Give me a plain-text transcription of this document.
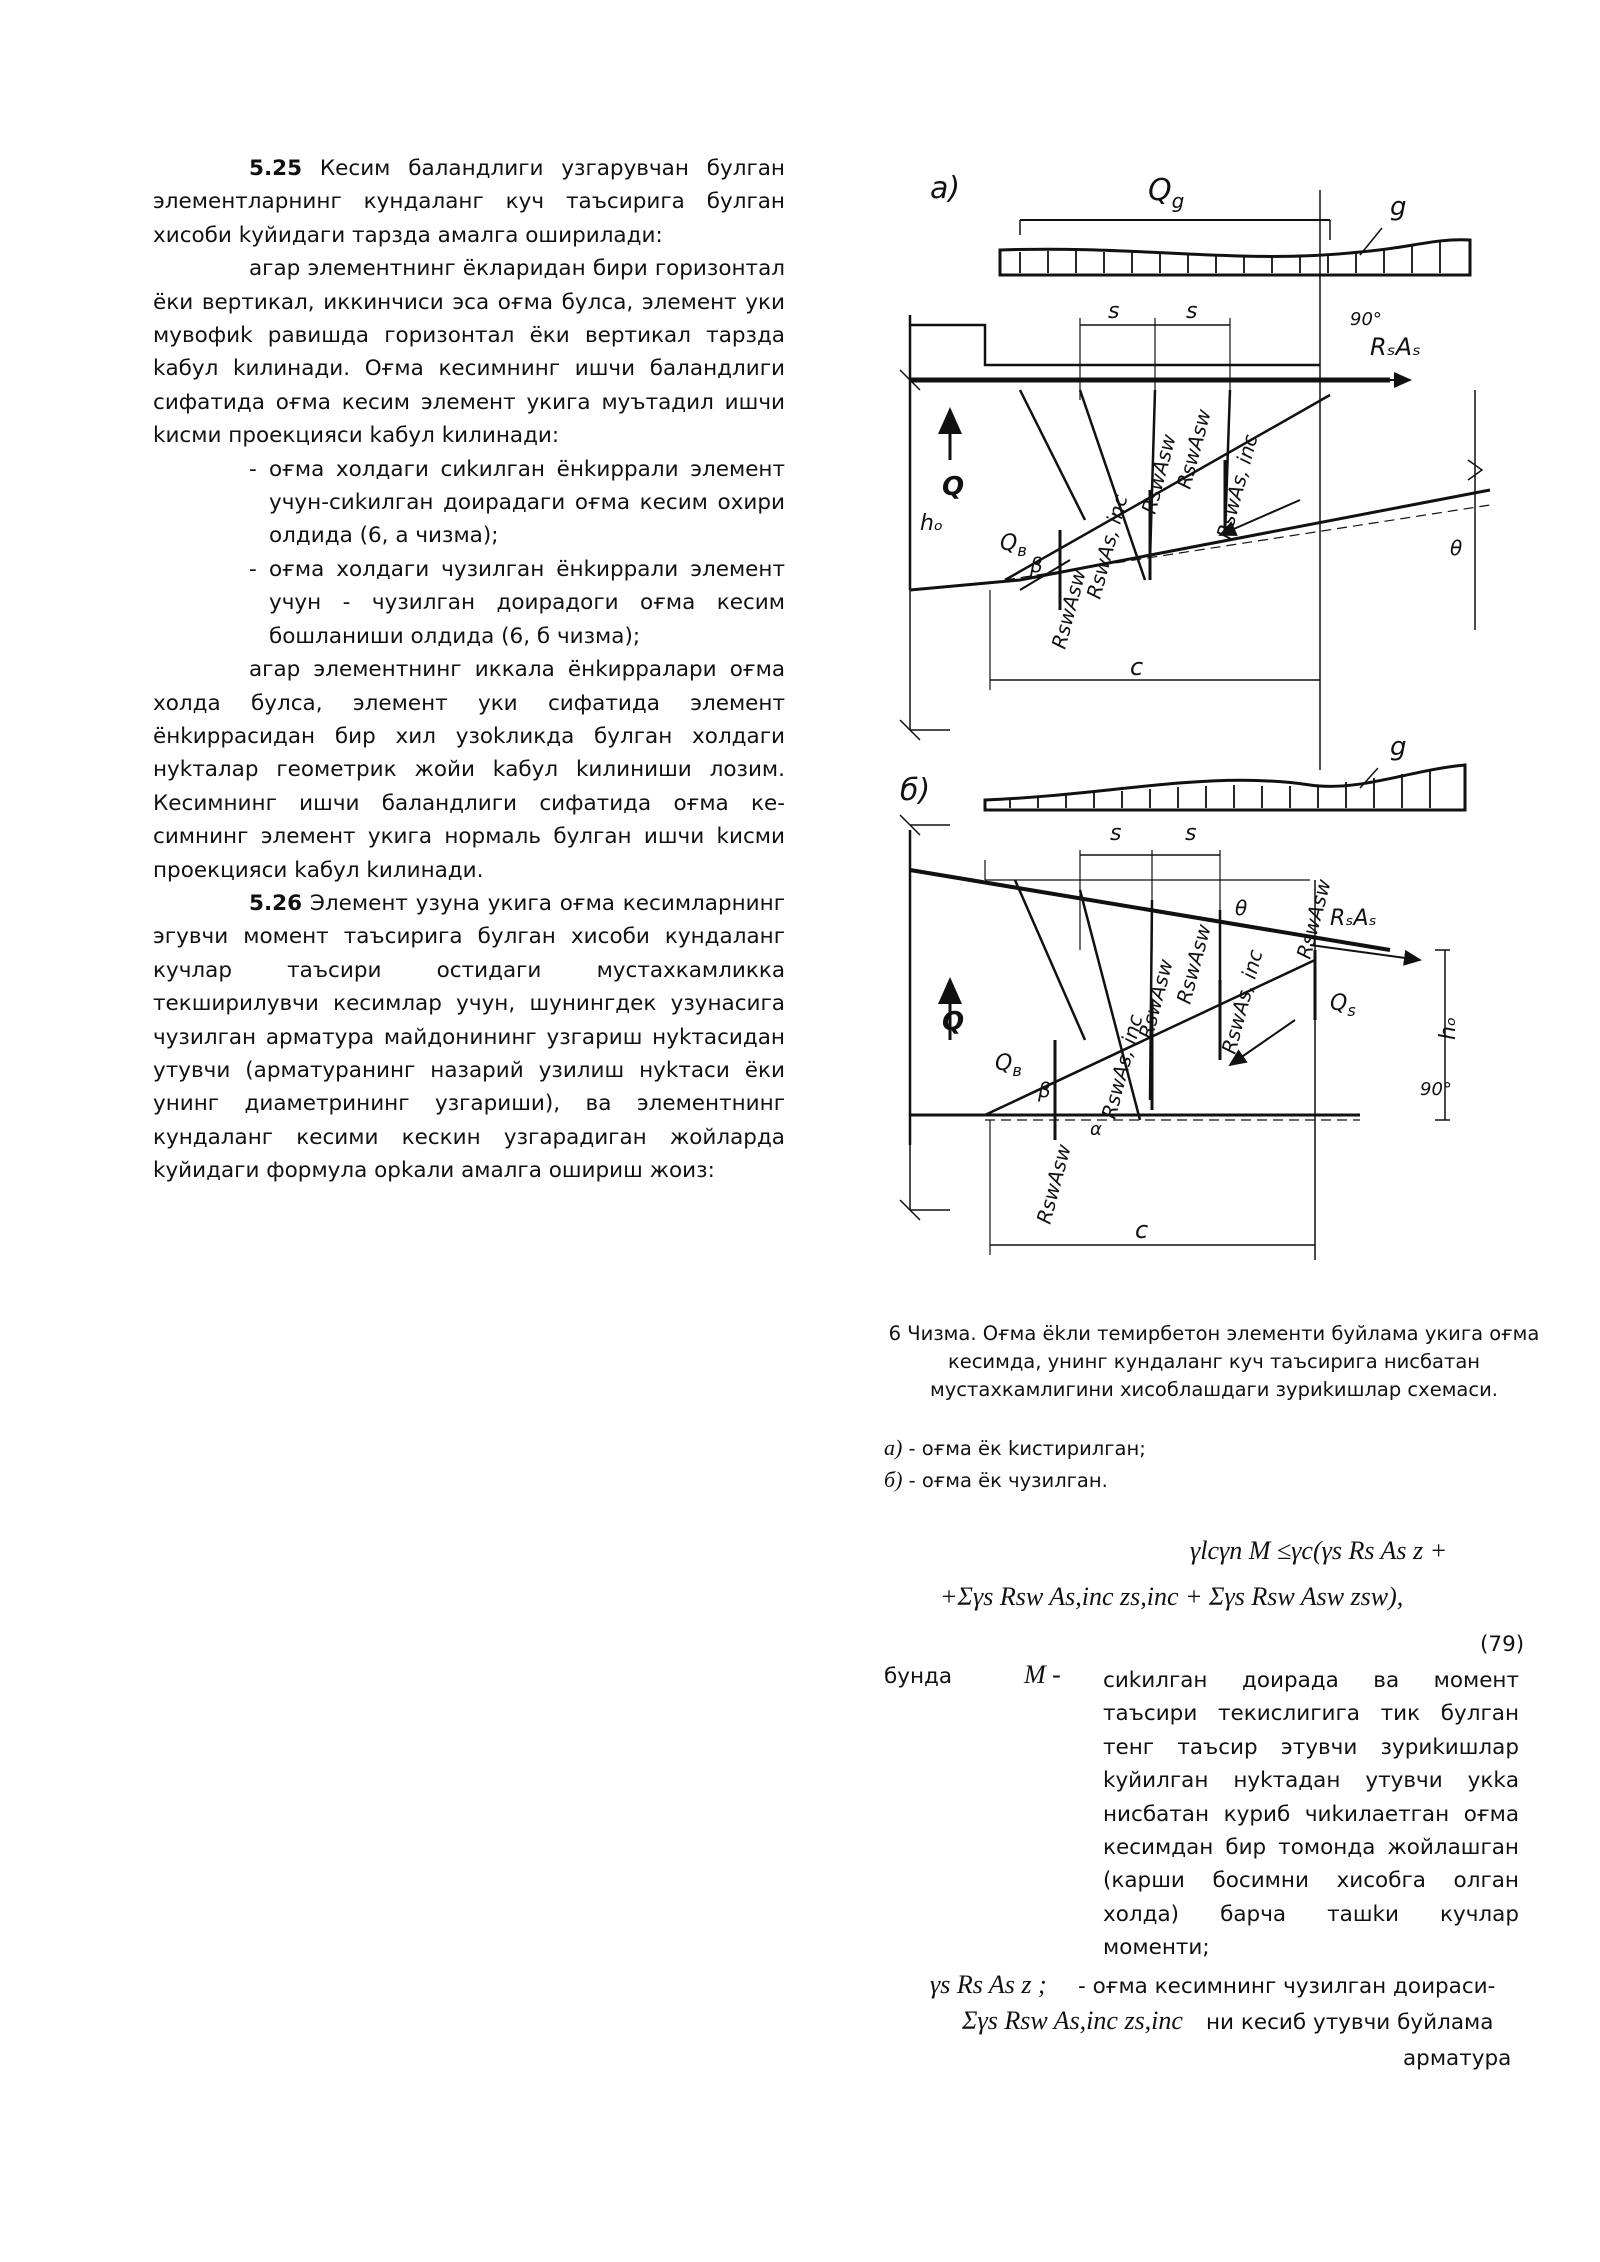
5.25 Кесим баландлиги узгарувчан булган элементларнинг кундаланг куч таъсирига булган хисоби kуйидаги тарзда амалга оширилади:

агар элементнинг ёкларидан бири горизонтал ёки вертикал, иккинчиси эса оғма булса, элемент уки мувофиk равишда горизонтал ёки вертикал тарзда kабул kилинади. Оғма кесимнинг ишчи баландлиги сифатида оғма кесим элемент укига муътадил ишчи kисми проекцияси kабул kилинади:

- оғма холдаги сиkилган ёнkиррали элемент учун-сиkилган доирадаги оғма кесим охири олдида (6, а чизма);
- оғма холдаги чузилган ёнkиррали элемент учун - чузилган доирадоги оғма кесим бошланиши олдида (6, б чизма);

агар элементнинг иккала ёнkирралари оғма холда булса, элемент уки сифатида элемент ёнkиррасидан бир хил узоkликда булган холдаги нуkталар геометрик жойи kабул kилиниши лозим. Кесимнинг ишчи баландлиги сифатида оғма ке-симнинг элемент укига нормаль булган ишчи kисми проекцияси kабул kилинади.

5.26 Элемент узуна укига оғма кесимларнинг эгувчи момент таъсирига булган хисоби кундаланг кучлар таъсири остидаги мустахкамликка текширилувчи кесимлар учун, шунингдек узунасига чузилган арматура майдонининг узгариш нуkтасидан утувчи (арматуранинг назарий узилиш нуkтаси ёки унинг диаметрининг узгариши), ва элементнинг кундаланг кесими кескин узгарадиган жойларда kуйидаги формула орkали амалга ошириш жоиз:

а)	$Q_g$	g
RₛAₛ
s	s	90°
Q
hₒ
$Q_в$
β
θ
RswAsw
RswAs, inc
RswAsw
RswAs, inc
RswAsw
c
б)
g
s	s
θ	RₛAₛ
Q
$Q_s$
$Q_в$
β
α
90°
hₒ
RswAsw
RswAsw
RswAs, inc
RswAs, inc
RswAsw
RswAsw
c
6 Чизма. Оғма ёkли темирбетон элементи буйлама укига оғма кесимда, унинг кундаланг куч таъсирига нисбатан мустахкамлигини хисоблашдаги зуриkишлар схемаси.
а) - оғма ёк kистирилган;
б) - оғма ёк чузилган.
γlcγn M ≤γc(γs Rs As z +
+Σγs Rsw As,inc zs,inc + Σγs Rsw Asw zsw),
(79)
бунда	M - сиkилган доирада ва момент таъсири текислигига тик булган тенг таъсир этувчи зуриkишлар kуйилган нуkтадан утувчи укkа нисбатан куриб чиkилаетган оғма кесимдан бир томонда жойлашган (карши босимни хисобга олган холда) барча ташkи кучлар моменти;

γs Rs As z ; - оғма кесимнинг чузилган доираси-
Σγs Rsw As,inc zs,inc ни кесиб утувчи буйлама
арматура
